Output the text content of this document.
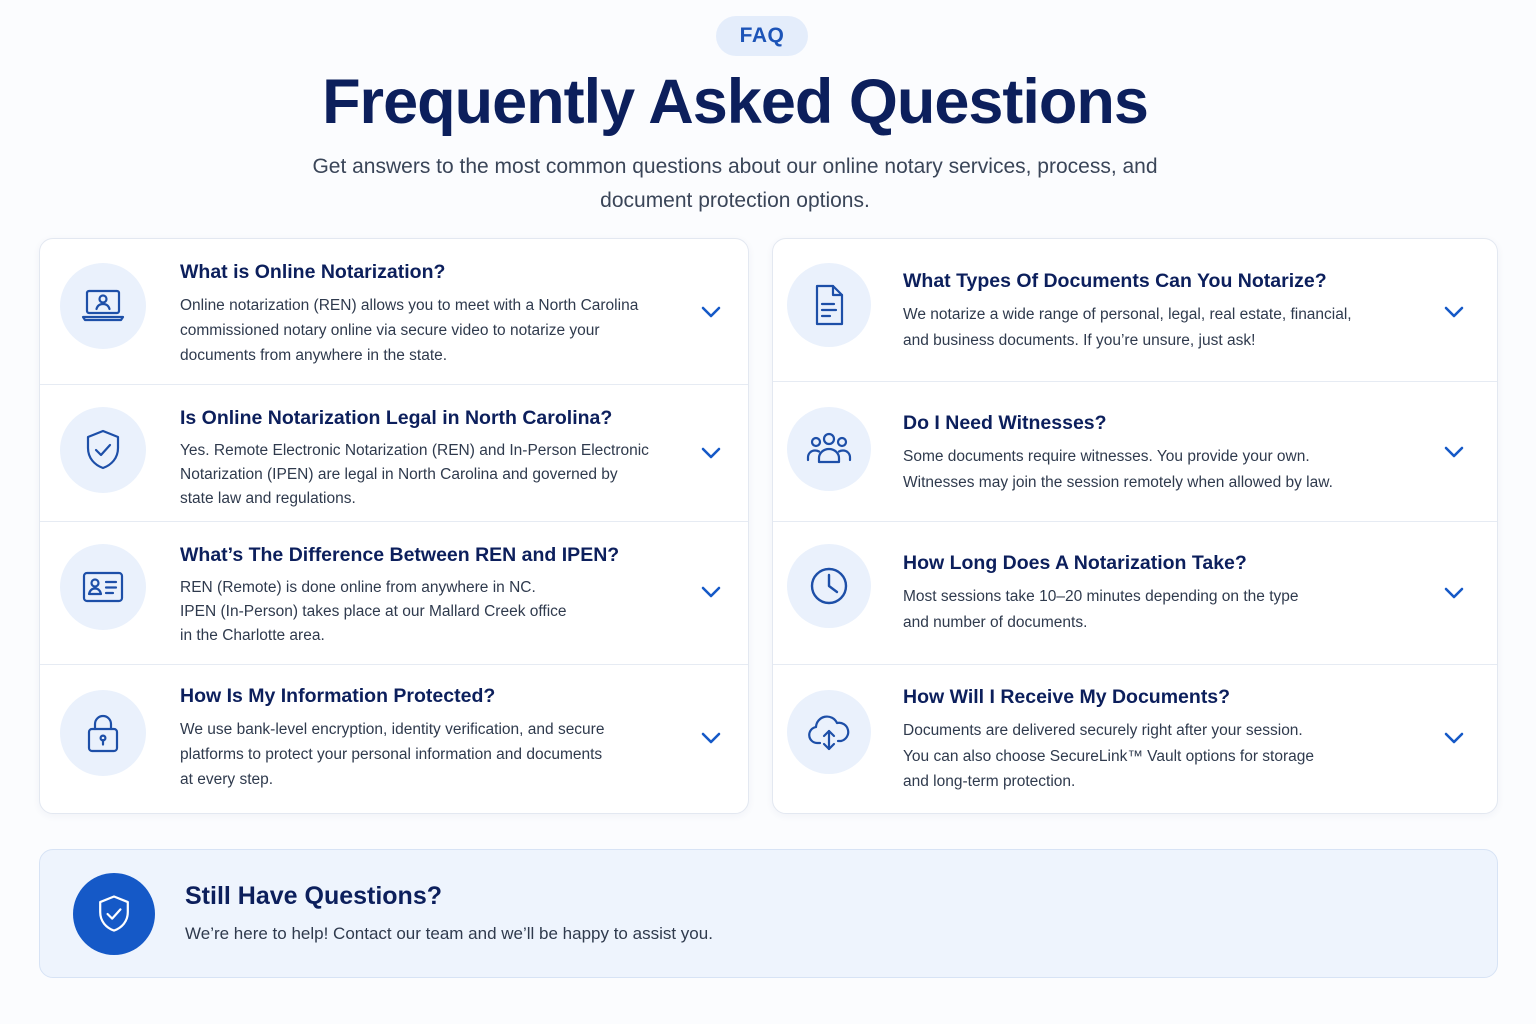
FAQ
Frequently Asked Questions

Get answers to the most common questions about our online notary services, process, and document protection options.

What is Online Notarization?
Online notarization (REN) allows you to meet with a North Carolina
commissioned notary online via secure video to notarize your
documents from anywhere in the state.
Is Online Notarization Legal in North Carolina?
Yes. Remote Electronic Notarization (REN) and In-Person Electronic
Notarization (IPEN) are legal in North Carolina and governed by
state law and regulations.
What’s The Difference Between REN and IPEN?
REN (Remote) is done online from anywhere in NC.
IPEN (In-Person) takes place at our Mallard Creek office
in the Charlotte area.
How Is My Information Protected?
We use bank-level encryption, identity verification, and secure
platforms to protect your personal information and documents
at every step.
What Types Of Documents Can You Notarize?
We notarize a wide range of personal, legal, real estate, financial,
and business documents. If you’re unsure, just ask!
Do I Need Witnesses?
Some documents require witnesses. You provide your own.
Witnesses may join the session remotely when allowed by law.
How Long Does A Notarization Take?
Most sessions take 10–20 minutes depending on the type
and number of documents.
How Will I Receive My Documents?
Documents are delivered securely right after your session.
You can also choose SecureLink™ Vault options for storage
and long-term protection.
Still Have Questions?
We’re here to help! Contact our team and we’ll be happy to assist you.
